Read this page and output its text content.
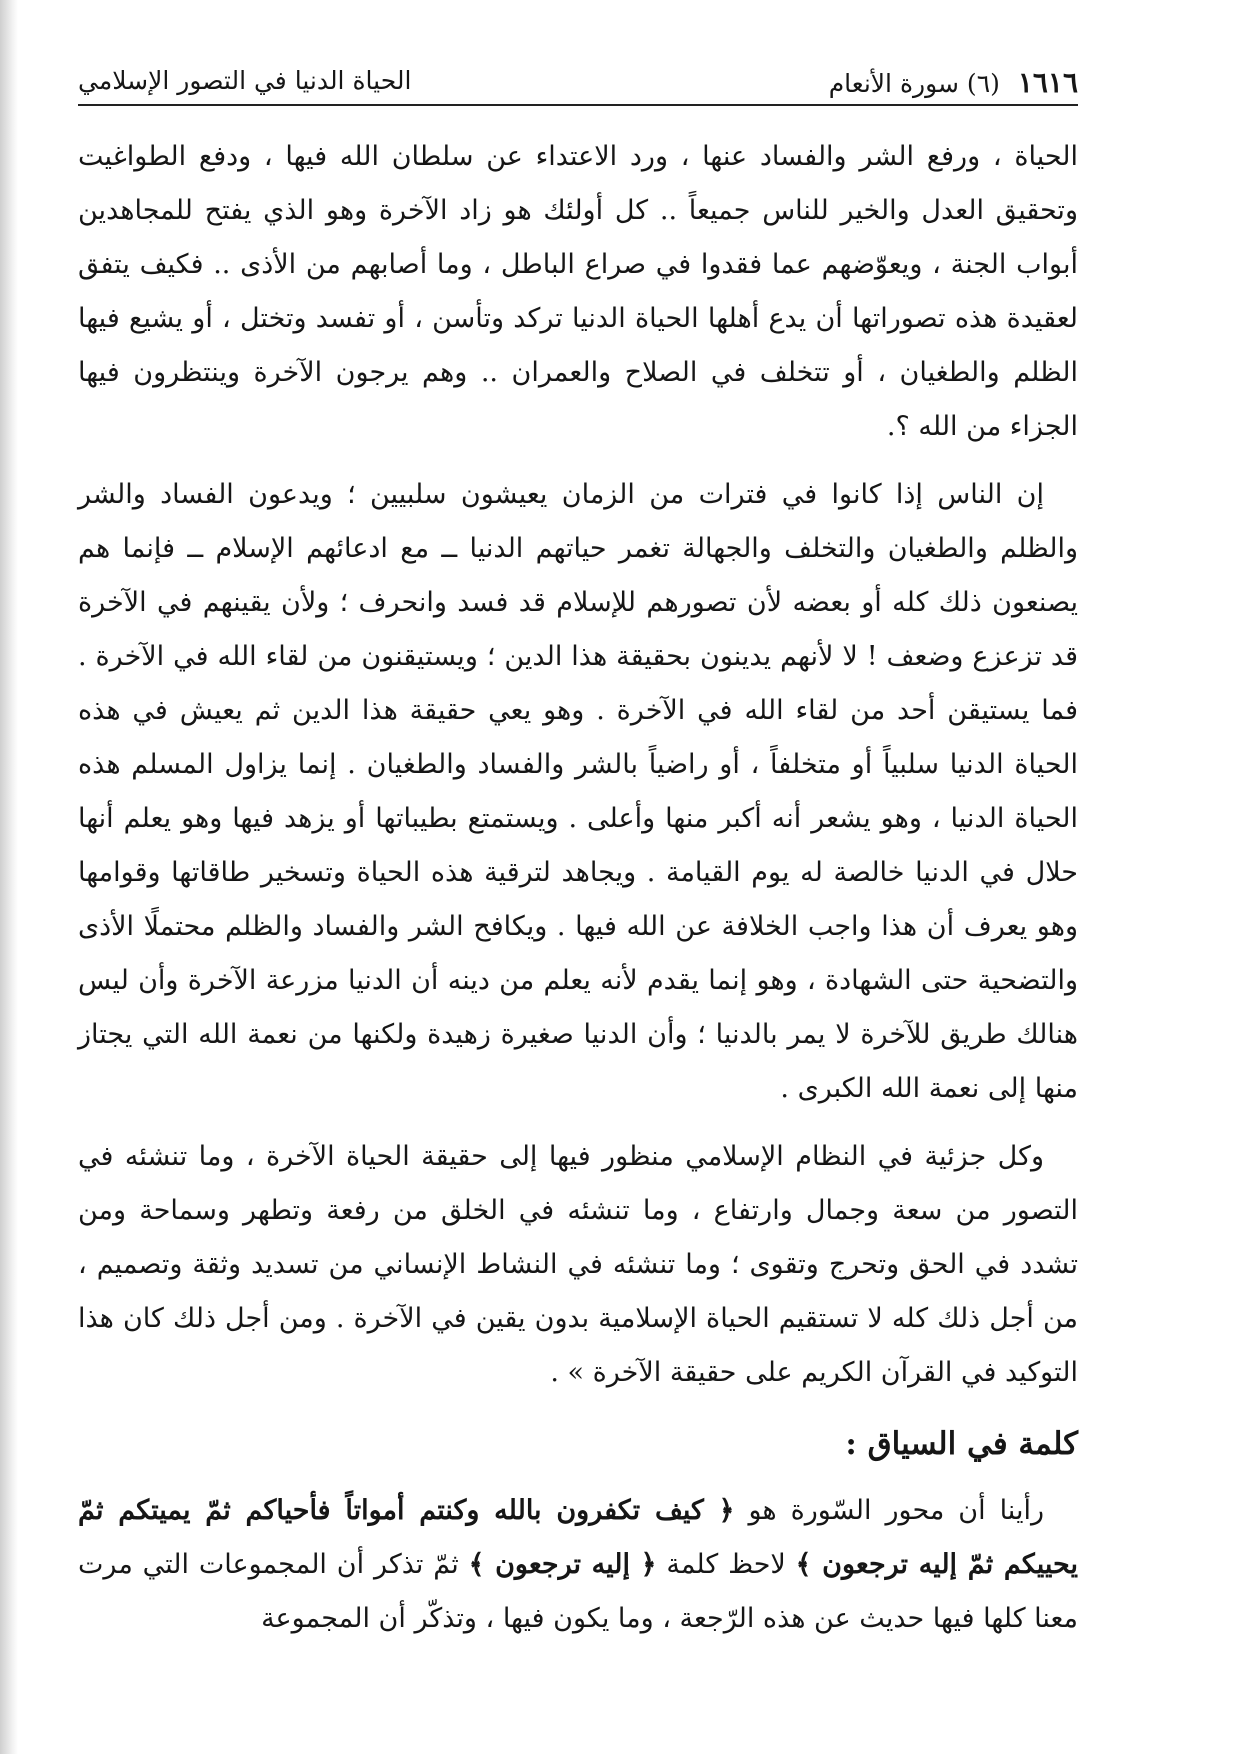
١٦١٦ (٦) سورة الأنعام
الحياة الدنيا في التصور الإسلامي

الحياة ، ورفع الشر والفساد عنها ، ورد الاعتداء عن سلطان الله فيها ، ودفع الطواغيت وتحقيق العدل والخير للناس جميعاً .. كل أولئك هو زاد الآخرة وهو الذي يفتح للمجاهدين أبواب الجنة ، ويعوّضهم عما فقدوا في صراع الباطل ، وما أصابهم من الأذى .. فكيف يتفق لعقيدة هذه تصوراتها أن يدع أهلها الحياة الدنيا تركد وتأسن ، أو تفسد وتختل ، أو يشيع فيها الظلم والطغيان ، أو تتخلف في الصلاح والعمران .. وهم يرجون الآخرة وينتظرون فيها الجزاء من الله ؟.

إن الناس إذا كانوا في فترات من الزمان يعيشون سلبيين ؛ ويدعون الفساد والشر والظلم والطغيان والتخلف والجهالة تغمر حياتهم الدنيا ــ مع ادعائهم الإسلام ــ فإنما هم يصنعون ذلك كله أو بعضه لأن تصورهم للإسلام قد فسد وانحرف ؛ ولأن يقينهم في الآخرة قد تزعزع وضعف ! لا لأنهم يدينون بحقيقة هذا الدين ؛ ويستيقنون من لقاء الله في الآخرة . فما يستيقن أحد من لقاء الله في الآخرة . وهو يعي حقيقة هذا الدين ثم يعيش في هذه الحياة الدنيا سلبياً أو متخلفاً ، أو راضياً بالشر والفساد والطغيان . إنما يزاول المسلم هذه الحياة الدنيا ، وهو يشعر أنه أكبر منها وأعلى . ويستمتع بطيباتها أو يزهد فيها وهو يعلم أنها حلال في الدنيا خالصة له يوم القيامة . ويجاهد لترقية هذه الحياة وتسخير طاقاتها وقوامها وهو يعرف أن هذا واجب الخلافة عن الله فيها . ويكافح الشر والفساد والظلم محتملًا الأذى والتضحية حتى الشهادة ، وهو إنما يقدم لأنه يعلم من دينه أن الدنيا مزرعة الآخرة وأن ليس هنالك طريق للآخرة لا يمر بالدنيا ؛ وأن الدنيا صغيرة زهيدة ولكنها من نعمة الله التي يجتاز منها إلى نعمة الله الكبرى .

وكل جزئية في النظام الإسلامي منظور فيها إلى حقيقة الحياة الآخرة ، وما تنشئه في التصور من سعة وجمال وارتفاع ، وما تنشئه في الخلق من رفعة وتطهر وسماحة ومن تشدد في الحق وتحرج وتقوى ؛ وما تنشئه في النشاط الإنساني من تسديد وثقة وتصميم ، من أجل ذلك كله لا تستقيم الحياة الإسلامية بدون يقين في الآخرة . ومن أجل ذلك كان هذا التوكيد في القرآن الكريم على حقيقة الآخرة » .

كلمة في السياق :

رأينا أن محور السّورة هو ﴿ كيف تكفرون بالله وكنتم أمواتاً فأحياكم ثمّ يميتكم ثمّ يحييكم ثمّ إليه ترجعون ﴾ لاحظ كلمة ﴿ إليه ترجعون ﴾ ثمّ تذكر أن المجموعات التي مرت معنا كلها فيها حديث عن هذه الرّجعة ، وما يكون فيها ، وتذكّر أن المجموعة
